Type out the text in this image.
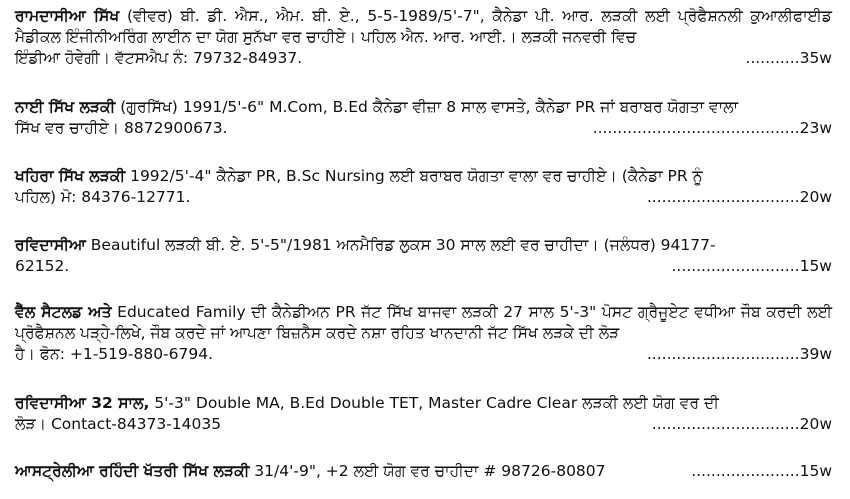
ਰਾਮਦਾਸੀਆ ਸਿੱਖ (ਵੀਵਰ) ਬੀ. ਡੀ. ਐਸ., ਐਮ. ਬੀ. ਏ., 5-5-1989/5'-7", ਕੈਨੇਡਾ ਪੀ. ਆਰ. ਲੜਕੀ ਲਈ ਪ੍ਰੋਫੈਸ਼ਨਲੀ ਕੁਆਲੀਫਾਈਡ ਮੈਡੀਕਲ ਇੰਜੀਨੀਅਰਿੰਗ ਲਾਈਨ ਦਾ ਯੋਗ ਸੁਨੱਖਾ ਵਰ ਚਾਹੀਏ। ਪਹਿਲ ਐਨ. ਆਰ. ਆਈ.। ਲੜਕੀ ਜਨਵਰੀ ਵਿਚ

ਇੰਡੀਆ ਹੋਵੇਗੀ। ਵੱਟਸਐਪ ਨੰ: 79732-84937.	...........35w

ਨਾਈ ਸਿੱਖ ਲੜਕੀ (ਗੁਰਸਿੱਖ) 1991/5'-6" M.Com, B.Ed ਕੈਨੇਡਾ ਵੀਜ਼ਾ 8 ਸਾਲ ਵਾਸਤੇ, ਕੈਨੇਡਾ PR ਜਾਂ ਬਰਾਬਰ ਯੋਗਤਾ ਵਾਲਾ

ਸਿੱਖ ਵਰ ਚਾਹੀਏ। 8872900673.	..........................................23w

ਖਹਿਰਾ ਸਿੱਖ ਲੜਕੀ 1992/5'-4" ਕੈਨੇਡਾ PR, B.Sc Nursing ਲਈ ਬਰਾਬਰ ਯੋਗਤਾ ਵਾਲਾ ਵਰ ਚਾਹੀਏ। (ਕੈਨੇਡਾ PR ਨੂੰ

ਪਹਿਲ) ਮੋ: 84376-12771.	...............................20w

ਰਵਿਦਾਸੀਆ Beautiful ਲੜਕੀ ਬੀ. ਏ. 5'-5"/1981 ਅਨਮੈਰਿਡ ਲੁਕਸ 30 ਸਾਲ ਲਈ ਵਰ ਚਾਹੀਦਾ। (ਜਲੰਧਰ) 94177-

62152.	..........................15w

ਵੈੱਲ ਸੈਟਲਡ ਅਤੇ Educated Family ਦੀ ਕੈਨੇਡੀਅਨ PR ਜੱਟ ਸਿੱਖ ਬਾਜਵਾ ਲੜਕੀ 27 ਸਾਲ 5'-3" ਪੋਸਟ ਗ੍ਰੈਜੂਏਟ ਵਧੀਆ ਜੌਬ ਕਰਦੀ ਲਈ ਪ੍ਰੋਫੈਸ਼ਨਲ ਪੜ੍ਹੇ-ਲਿਖੇ, ਜੌਬ ਕਰਦੇ ਜਾਂ ਆਪਣਾ ਬਿਜ਼ਨੈਸ ਕਰਦੇ ਨਸ਼ਾ ਰਹਿਤ ਖਾਨਦਾਨੀ ਜੱਟ ਸਿੱਖ ਲੜਕੇ ਦੀ ਲੋੜ

ਹੈ। ਫੋਨ: +1-519-880-6794.	...............................39w

ਰਵਿਦਾਸੀਆ 32 ਸਾਲ, 5'-3" Double MA, B.Ed Double TET, Master Cadre Clear ਲੜਕੀ ਲਈ ਯੋਗ ਵਰ ਦੀ

ਲੋੜ। Contact-84373-14035	..............................20w
ਆਸਟ੍ਰੇਲੀਆ ਰਹਿੰਦੀ ਖੱਤਰੀ ਸਿੱਖ ਲੜਕੀ 31/4'-9", +2 ਲਈ ਯੋਗ ਵਰ ਚਾਹੀਦਾ # 98726-80807	......................15w
